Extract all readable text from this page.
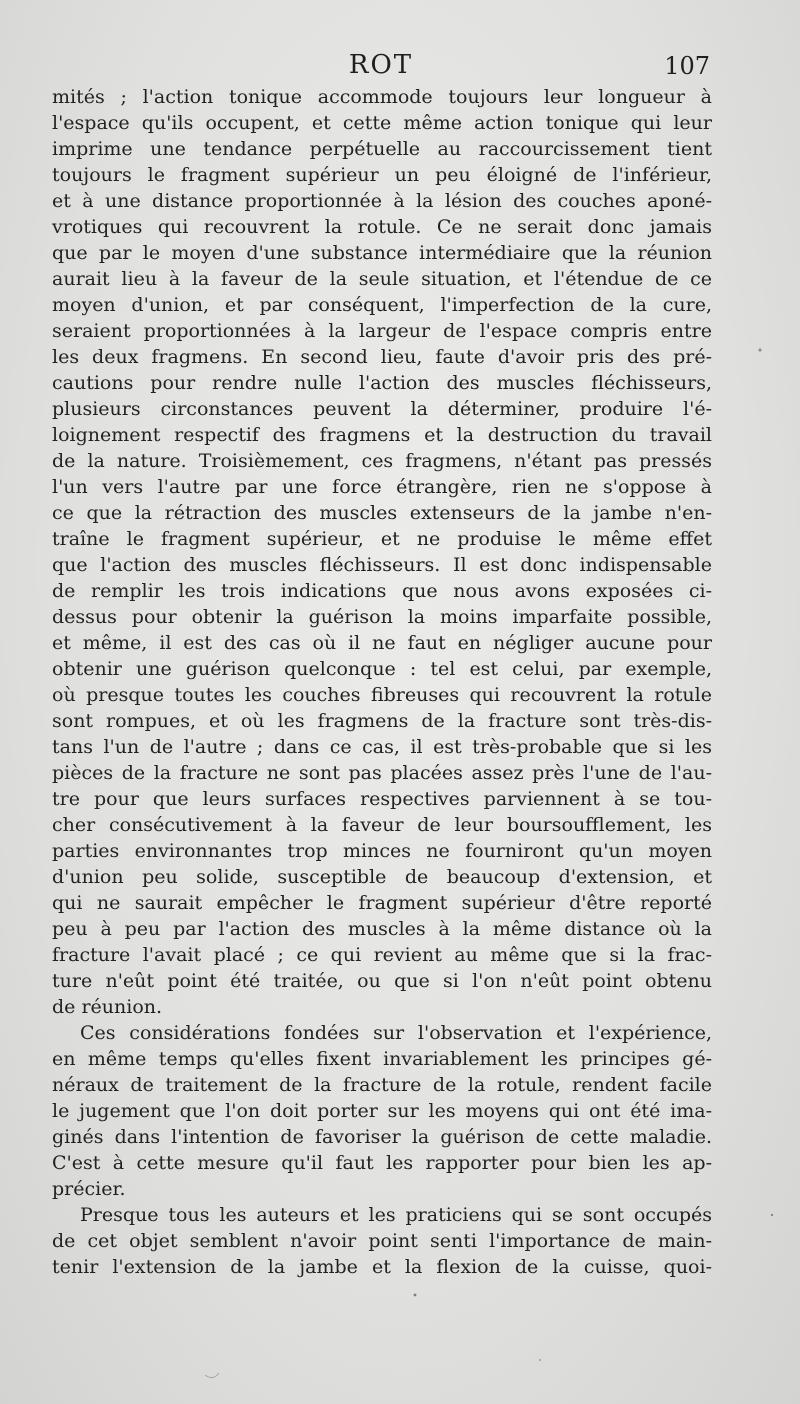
ROT	107
mités ; l'action tonique accommode toujours leur longueur à
l'espace qu'ils occupent, et cette même action tonique qui leur
imprime une tendance perpétuelle au raccourcissement tient
toujours le fragment supérieur un peu éloigné de l'inférieur,
et à une distance proportionnée à la lésion des couches aponé-
vrotiques qui recouvrent la rotule. Ce ne serait donc jamais
que par le moyen d'une substance intermédiaire que la réunion
aurait lieu à la faveur de la seule situation, et l'étendue de ce
moyen d'union, et par conséquent, l'imperfection de la cure,
seraient proportionnées à la largeur de l'espace compris entre
les deux fragmens. En second lieu, faute d'avoir pris des pré-
cautions pour rendre nulle l'action des muscles fléchisseurs,
plusieurs circonstances peuvent la déterminer, produire l'é-
loignement respectif des fragmens et la destruction du travail
de la nature. Troisièmement, ces fragmens, n'étant pas pressés
l'un vers l'autre par une force étrangère, rien ne s'oppose à
ce que la rétraction des muscles extenseurs de la jambe n'en-
traîne le fragment supérieur, et ne produise le même effet
que l'action des muscles fléchisseurs. Il est donc indispensable
de remplir les trois indications que nous avons exposées ci-
dessus pour obtenir la guérison la moins imparfaite possible,
et même, il est des cas où il ne faut en négliger aucune pour
obtenir une guérison quelconque : tel est celui, par exemple,
où presque toutes les couches fibreuses qui recouvrent la rotule
sont rompues, et où les fragmens de la fracture sont très-dis-
tans l'un de l'autre ; dans ce cas, il est très-probable que si les
pièces de la fracture ne sont pas placées assez près l'une de l'au-
tre pour que leurs surfaces respectives parviennent à se tou-
cher consécutivement à la faveur de leur boursoufflement, les
parties environnantes trop minces ne fourniront qu'un moyen
d'union peu solide, susceptible de beaucoup d'extension, et
qui ne saurait empêcher le fragment supérieur d'être reporté
peu à peu par l'action des muscles à la même distance où la
fracture l'avait placé ; ce qui revient au même que si la frac-
ture n'eût point été traitée, ou que si l'on n'eût point obtenu
de réunion.
Ces considérations fondées sur l'observation et l'expérience,
en même temps qu'elles fixent invariablement les principes gé-
néraux de traitement de la fracture de la rotule, rendent facile
le jugement que l'on doit porter sur les moyens qui ont été ima-
ginés dans l'intention de favoriser la guérison de cette maladie.
C'est à cette mesure qu'il faut les rapporter pour bien les ap-
précier.
Presque tous les auteurs et les praticiens qui se sont occupés
de cet objet semblent n'avoir point senti l'importance de main-
tenir l'extension de la jambe et la flexion de la cuisse, quoi-
